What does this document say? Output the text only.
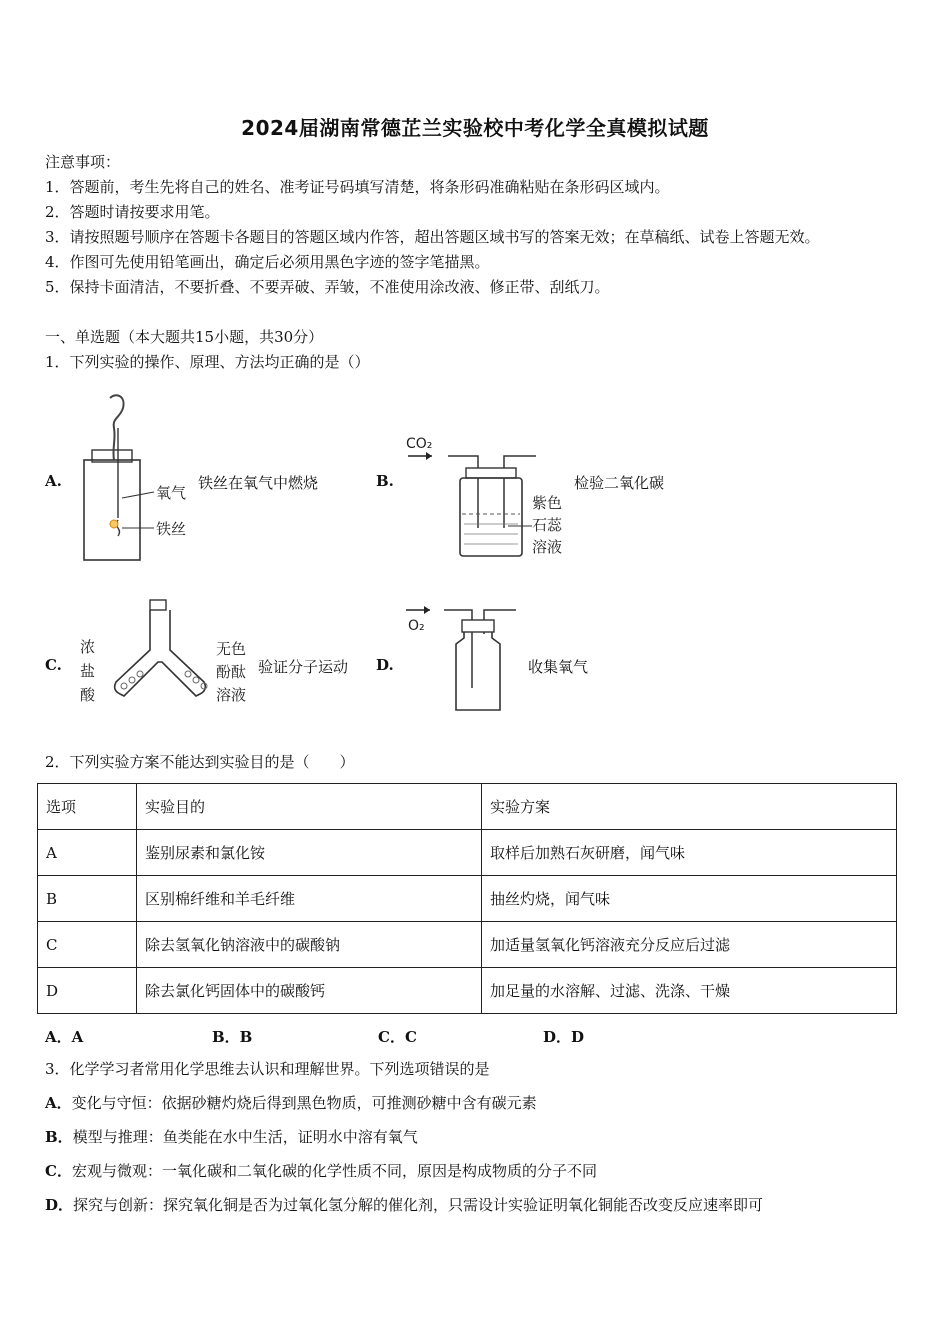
2024届湖南常德芷兰实验校中考化学全真模拟试题
注意事项：
1．答题前，考生先将自己的姓名、准考证号码填写清楚，将条形码准确粘贴在条形码区域内。
2．答题时请按要求用笔。
3．请按照题号顺序在答题卡各题目的答题区域内作答，超出答题区域书写的答案无效；在草稿纸、试卷上答题无效。
4．作图可先使用铅笔画出，确定后必须用黑色字迹的签字笔描黑。
5．保持卡面清洁，不要折叠、不要弄破、弄皱，不准使用涂改液、修正带、刮纸刀。
一、单选题（本大题共15小题，共30分）
1．下列实验的操作、原理、方法均正确的是（）
A.
氧气
铁丝
铁丝在氧气中燃烧	B.
CO₂
紫色
石蕊
溶液
检验二氧化碳
C.
浓
盐
酸
无色
酚酞
溶液
验证分子运动 D.
O₂
收集氧气
2．下列实验方案不能达到实验目的是（　　）
选项	实验目的	实验方案
A	鉴别尿素和氯化铵	取样后加熟石灰研磨，闻气味
B	区别棉纤维和羊毛纤维	抽丝灼烧，闻气味
C	除去氢氧化钠溶液中的碳酸钠	加适量氢氧化钙溶液充分反应后过滤
D	除去氯化钙固体中的碳酸钙	加足量的水溶解、过滤、洗涤、干燥
A．A	B．B	C．C	D．D
3．化学学习者常用化学思维去认识和理解世界。下列选项错误的是
A．变化与守恒：依据砂糖灼烧后得到黑色物质，可推测砂糖中含有碳元素
B．模型与推理：鱼类能在水中生活，证明水中溶有氧气
C．宏观与微观：一氧化碳和二氧化碳的化学性质不同，原因是构成物质的分子不同
D．探究与创新：探究氧化铜是否为过氧化氢分解的催化剂，只需设计实验证明氧化铜能否改变反应速率即可
